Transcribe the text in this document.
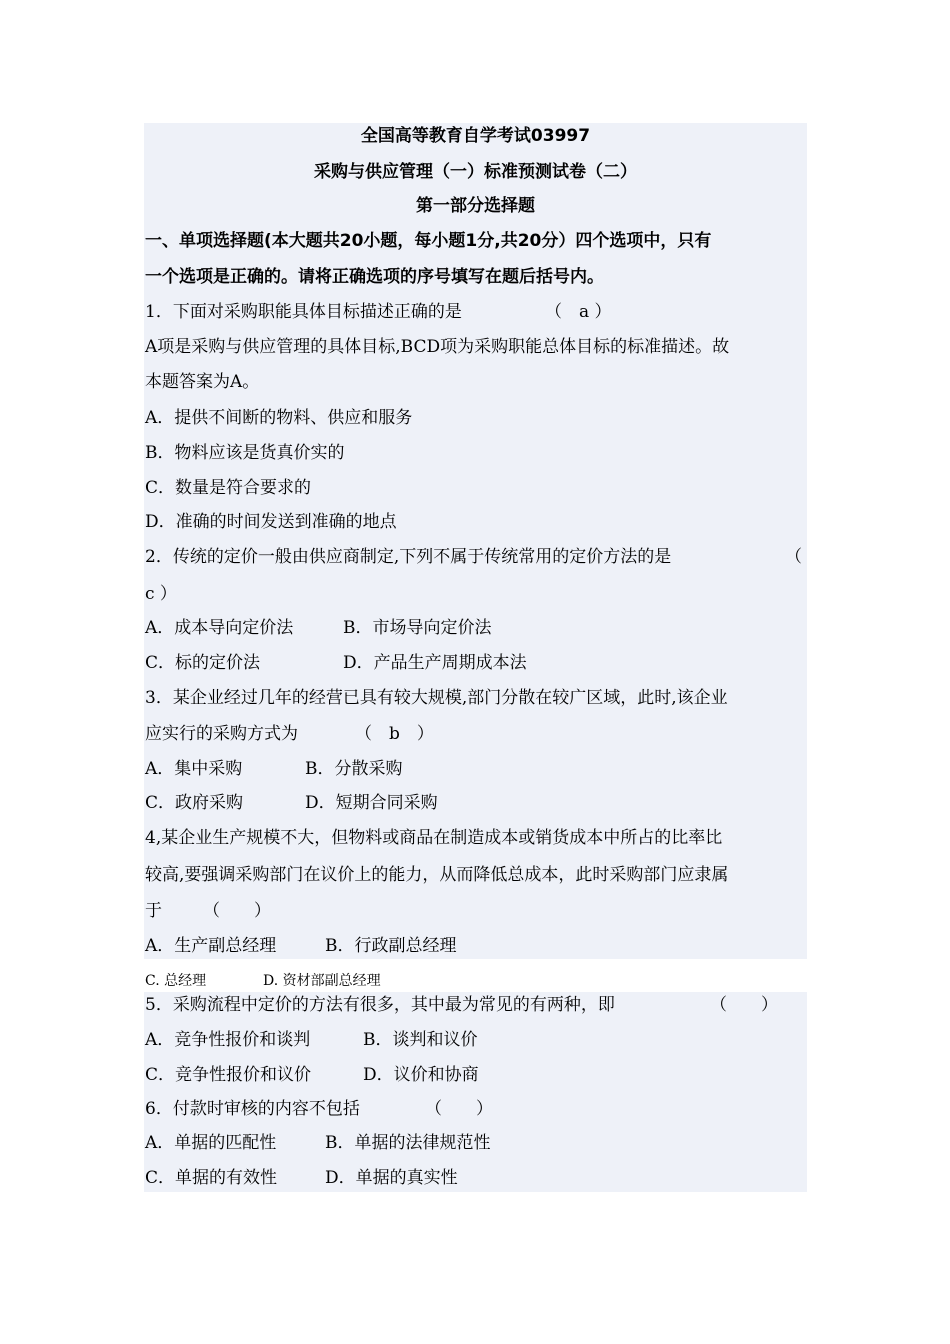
全国高等教育自学考试03997
采购与供应管理（一）标准预测试卷（二）
第一部分选择题
一、单项选择题(本大题共20小题，每小题1分,共20分）四个选项中，只有
一个选项是正确的。请将正确选项的序号填写在题后括号内。
1．下面对采购职能具体目标描述正确的是	（　a ）
A项是采购与供应管理的具体目标,BCD项为采购职能总体目标的标准描述。故
本题答案为A。
A．提供不间断的物料、供应和服务
B．物料应该是货真价实的
C．数量是符合要求的
D．准确的时间发送到准确的地点
2．传统的定价一般由供应商制定,下列不属于传统常用的定价方法的是	（
c ）
A．成本导向定价法	B．市场导向定价法
C．标的定价法	D．产品生产周期成本法
3．某企业经过几年的经营已具有较大规模,部门分散在较广区域，此时,该企业
应实行的采购方式为	（　b　）
A．集中采购	B．分散采购
C．政府采购	D．短期合同采购
4,某企业生产规模不大，但物料或商品在制造成本或销货成本中所占的比率比
较高,要强调采购部门在议价上的能力，从而降低总成本，此时采购部门应隶属
于 （　　）
A．生产副总经理	B．行政副总经理
C. 总经理	D. 资材部副总经理
5．采购流程中定价的方法有很多，其中最为常见的有两种，即	（　　）
A．竞争性报价和谈判	B．谈判和议价
C．竞争性报价和议价	D．议价和协商
6．付款时审核的内容不包括	（　　）
A．单据的匹配性	B．单据的法律规范性
C．单据的有效性	D．单据的真实性
